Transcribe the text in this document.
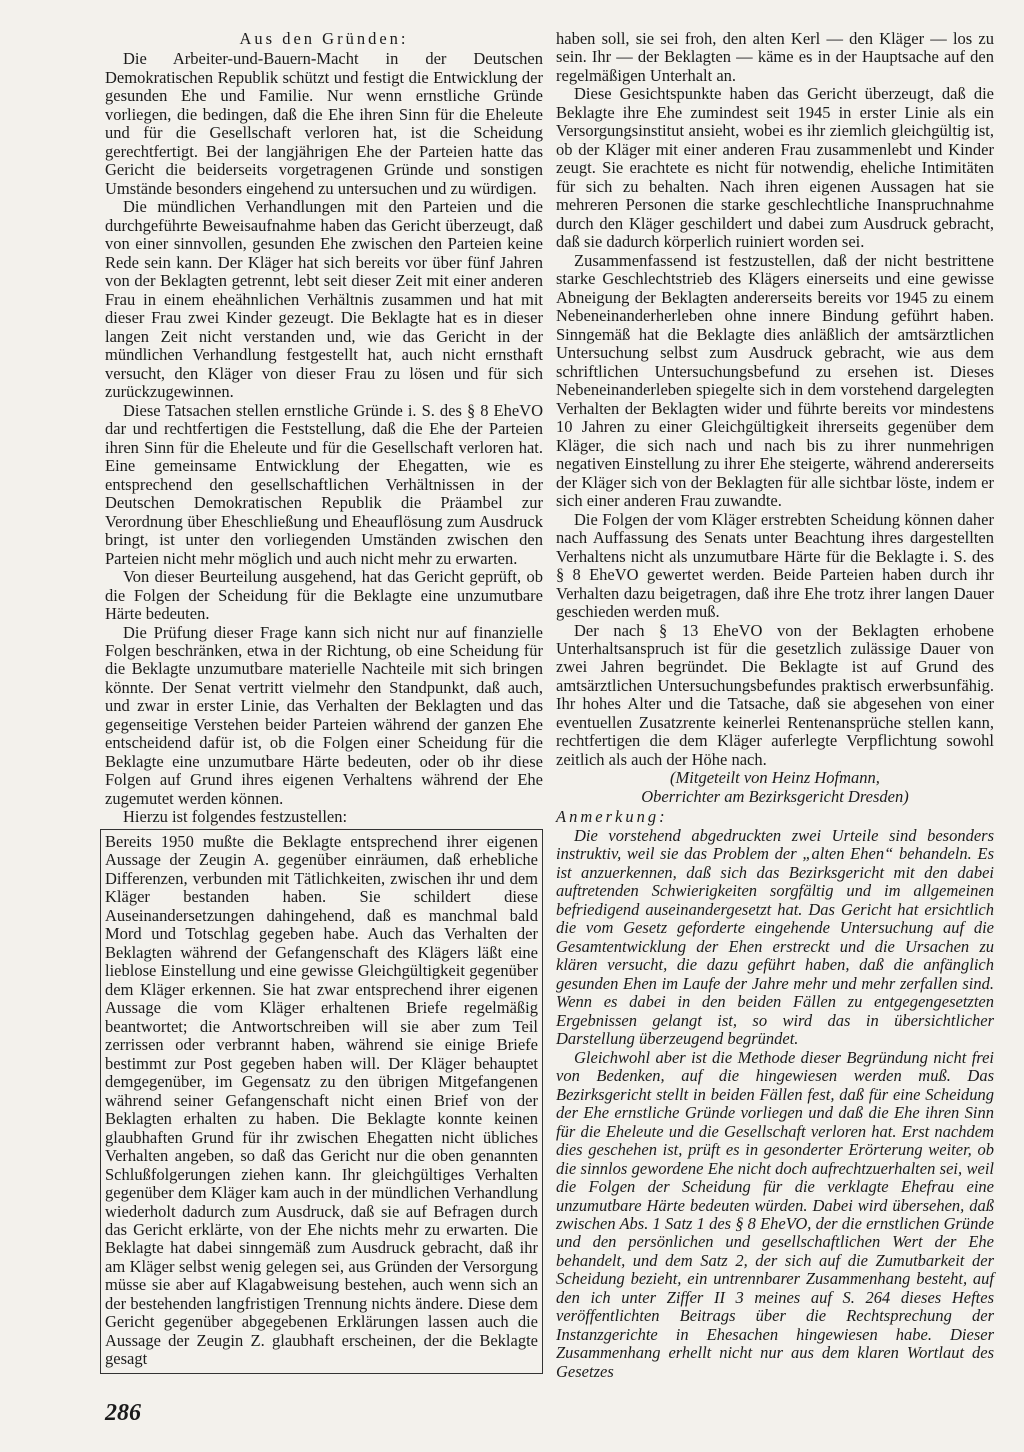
Aus den Gründen:

Die Arbeiter-und-Bauern-Macht in der Deutschen Demokratischen Republik schützt und festigt die Entwicklung der gesunden Ehe und Familie. Nur wenn ernstliche Gründe vorliegen, die bedingen, daß die Ehe ihren Sinn für die Eheleute und für die Gesellschaft verloren hat, ist die Scheidung gerechtfertigt. Bei der langjährigen Ehe der Parteien hatte das Gericht die beiderseits vorgetragenen Gründe und sonstigen Umstände besonders eingehend zu untersuchen und zu würdigen.

Die mündlichen Verhandlungen mit den Parteien und die durchgeführte Beweisaufnahme haben das Gericht überzeugt, daß von einer sinnvollen, gesunden Ehe zwischen den Parteien keine Rede sein kann. Der Kläger hat sich bereits vor über fünf Jahren von der Beklagten getrennt, lebt seit dieser Zeit mit einer anderen Frau in einem eheähnlichen Verhältnis zusammen und hat mit dieser Frau zwei Kinder gezeugt. Die Beklagte hat es in dieser langen Zeit nicht verstanden und, wie das Gericht in der mündlichen Verhandlung festgestellt hat, auch nicht ernsthaft versucht, den Kläger von dieser Frau zu lösen und für sich zurückzugewinnen.

Diese Tatsachen stellen ernstliche Gründe i. S. des § 8 EheVO dar und rechtfertigen die Feststellung, daß die Ehe der Parteien ihren Sinn für die Eheleute und für die Gesellschaft verloren hat. Eine gemeinsame Entwicklung der Ehegatten, wie es entsprechend den gesellschaftlichen Verhältnissen in der Deutschen Demokratischen Republik die Präambel zur Verordnung über Eheschließung und Eheauflösung zum Ausdruck bringt, ist unter den vorliegenden Umständen zwischen den Parteien nicht mehr möglich und auch nicht mehr zu erwarten.

Von dieser Beurteilung ausgehend, hat das Gericht geprüft, ob die Folgen der Scheidung für die Beklagte eine unzumutbare Härte bedeuten.

Die Prüfung dieser Frage kann sich nicht nur auf finanzielle Folgen beschränken, etwa in der Richtung, ob eine Scheidung für die Beklagte unzumutbare materielle Nachteile mit sich bringen könnte. Der Senat vertritt vielmehr den Standpunkt, daß auch, und zwar in erster Linie, das Verhalten der Beklagten und das gegenseitige Verstehen beider Parteien während der ganzen Ehe entscheidend dafür ist, ob die Folgen einer Scheidung für die Beklagte eine unzumutbare Härte bedeuten, oder ob ihr diese Folgen auf Grund ihres eigenen Verhaltens während der Ehe zugemutet werden können.

Hierzu ist folgendes festzustellen:

Bereits 1950 mußte die Beklagte entsprechend ihrer eigenen Aussage der Zeugin A. gegenüber einräumen, daß erhebliche Differenzen, verbunden mit Tätlichkeiten, zwischen ihr und dem Kläger bestanden haben. Sie schildert diese Auseinandersetzungen dahingehend, daß es manchmal bald Mord und Totschlag gegeben habe. Auch das Verhalten der Beklagten während der Gefangenschaft des Klägers läßt eine lieblose Einstellung und eine gewisse Gleichgültigkeit gegenüber dem Kläger erkennen. Sie hat zwar entsprechend ihrer eigenen Aussage die vom Kläger erhaltenen Briefe regelmäßig beantwortet; die Antwortschreiben will sie aber zum Teil zerrissen oder verbrannt haben, während sie einige Briefe bestimmt zur Post gegeben haben will. Der Kläger behauptet demgegenüber, im Gegensatz zu den übrigen Mitgefangenen während seiner Gefangenschaft nicht einen Brief von der Beklagten erhalten zu haben. Die Beklagte konnte keinen glaubhaften Grund für ihr zwischen Ehegatten nicht übliches Verhalten angeben, so daß das Gericht nur die oben genannten Schlußfolgerungen ziehen kann. Ihr gleichgültiges Verhalten gegenüber dem Kläger kam auch in der mündlichen Verhandlung wiederholt dadurch zum Ausdruck, daß sie auf Befragen durch das Gericht erklärte, von der Ehe nichts mehr zu erwarten. Die Beklagte hat dabei sinngemäß zum Ausdruck gebracht, daß ihr am Kläger selbst wenig gelegen sei, aus Gründen der Versorgung müsse sie aber auf Klagabweisung bestehen, auch wenn sich an der bestehenden langfristigen Trennung nichts ändere. Diese dem Gericht gegenüber abgegebenen Erklärungen lassen auch die Aussage der Zeugin Z. glaubhaft erscheinen, der die Beklagte gesagt

haben soll, sie sei froh, den alten Kerl — den Kläger — los zu sein. Ihr — der Beklagten — käme es in der Hauptsache auf den regelmäßigen Unterhalt an.

Diese Gesichtspunkte haben das Gericht überzeugt, daß die Beklagte ihre Ehe zumindest seit 1945 in erster Linie als ein Versorgungsinstitut ansieht, wobei es ihr ziemlich gleichgültig ist, ob der Kläger mit einer anderen Frau zusammenlebt und Kinder zeugt. Sie erachtete es nicht für notwendig, eheliche Intimitäten für sich zu behalten. Nach ihren eigenen Aussagen hat sie mehreren Personen die starke geschlechtliche Inanspruchnahme durch den Kläger geschildert und dabei zum Ausdruck gebracht, daß sie dadurch körperlich ruiniert worden sei.

Zusammenfassend ist festzustellen, daß der nicht bestrittene starke Geschlechtstrieb des Klägers einerseits und eine gewisse Abneigung der Beklagten andererseits bereits vor 1945 zu einem Nebeneinanderherleben ohne innere Bindung geführt haben. Sinngemäß hat die Beklagte dies anläßlich der amtsärztlichen Untersuchung selbst zum Ausdruck gebracht, wie aus dem schriftlichen Untersuchungsbefund zu ersehen ist. Dieses Nebeneinanderleben spiegelte sich in dem vorstehend dargelegten Verhalten der Beklagten wider und führte bereits vor mindestens 10 Jahren zu einer Gleichgültigkeit ihrerseits gegenüber dem Kläger, die sich nach und nach bis zu ihrer nunmehrigen negativen Einstellung zu ihrer Ehe steigerte, während andererseits der Kläger sich von der Beklagten für alle sichtbar löste, indem er sich einer anderen Frau zuwandte.

Die Folgen der vom Kläger erstrebten Scheidung können daher nach Auffassung des Senats unter Beachtung ihres dargestellten Verhaltens nicht als unzumutbare Härte für die Beklagte i. S. des § 8 EheVO gewertet werden. Beide Parteien haben durch ihr Verhalten dazu beigetragen, daß ihre Ehe trotz ihrer langen Dauer geschieden werden muß.

Der nach § 13 EheVO von der Beklagten erhobene Unterhaltsanspruch ist für die gesetzlich zulässige Dauer von zwei Jahren begründet. Die Beklagte ist auf Grund des amtsärztlichen Untersuchungsbefundes praktisch erwerbsunfähig. Ihr hohes Alter und die Tatsache, daß sie abgesehen von einer eventuellen Zusatzrente keinerlei Rentenansprüche stellen kann, rechtfertigen die dem Kläger auferlegte Verpflichtung sowohl zeitlich als auch der Höhe nach.

(Mitgeteilt von Heinz Hofmann,

Oberrichter am Bezirksgericht Dresden)

Anmerkung:

Die vorstehend abgedruckten zwei Urteile sind besonders instruktiv, weil sie das Problem der „alten Ehen“ behandeln. Es ist anzuerkennen, daß sich das Bezirksgericht mit den dabei auftretenden Schwierigkeiten sorgfältig und im allgemeinen befriedigend auseinandergesetzt hat. Das Gericht hat ersichtlich die vom Gesetz geforderte eingehende Untersuchung auf die Gesamtentwicklung der Ehen erstreckt und die Ursachen zu klären versucht, die dazu geführt haben, daß die anfänglich gesunden Ehen im Laufe der Jahre mehr und mehr zerfallen sind. Wenn es dabei in den beiden Fällen zu entgegengesetzten Ergebnissen gelangt ist, so wird das in übersichtlicher Darstellung überzeugend begründet.

Gleichwohl aber ist die Methode dieser Begründung nicht frei von Bedenken, auf die hingewiesen werden muß. Das Bezirksgericht stellt in beiden Fällen fest, daß für eine Scheidung der Ehe ernstliche Gründe vorliegen und daß die Ehe ihren Sinn für die Eheleute und die Gesellschaft verloren hat. Erst nachdem dies geschehen ist, prüft es in gesonderter Erörterung weiter, ob die sinnlos gewordene Ehe nicht doch aufrechtzuerhalten sei, weil die Folgen der Scheidung für die verklagte Ehefrau eine unzumutbare Härte bedeuten würden. Dabei wird übersehen, daß zwischen Abs. 1 Satz 1 des § 8 EheVO, der die ernstlichen Gründe und den persönlichen und gesellschaftlichen Wert der Ehe behandelt, und dem Satz 2, der sich auf die Zumutbarkeit der Scheidung bezieht, ein untrennbarer Zusammenhang besteht, auf den ich unter Ziffer II 3 meines auf S. 264 dieses Heftes veröffentlichten Beitrags über die Rechtsprechung der Instanzgerichte in Ehesachen hingewiesen habe. Dieser Zusammenhang erhellt nicht nur aus dem klaren Wortlaut des Gesetzes

286
